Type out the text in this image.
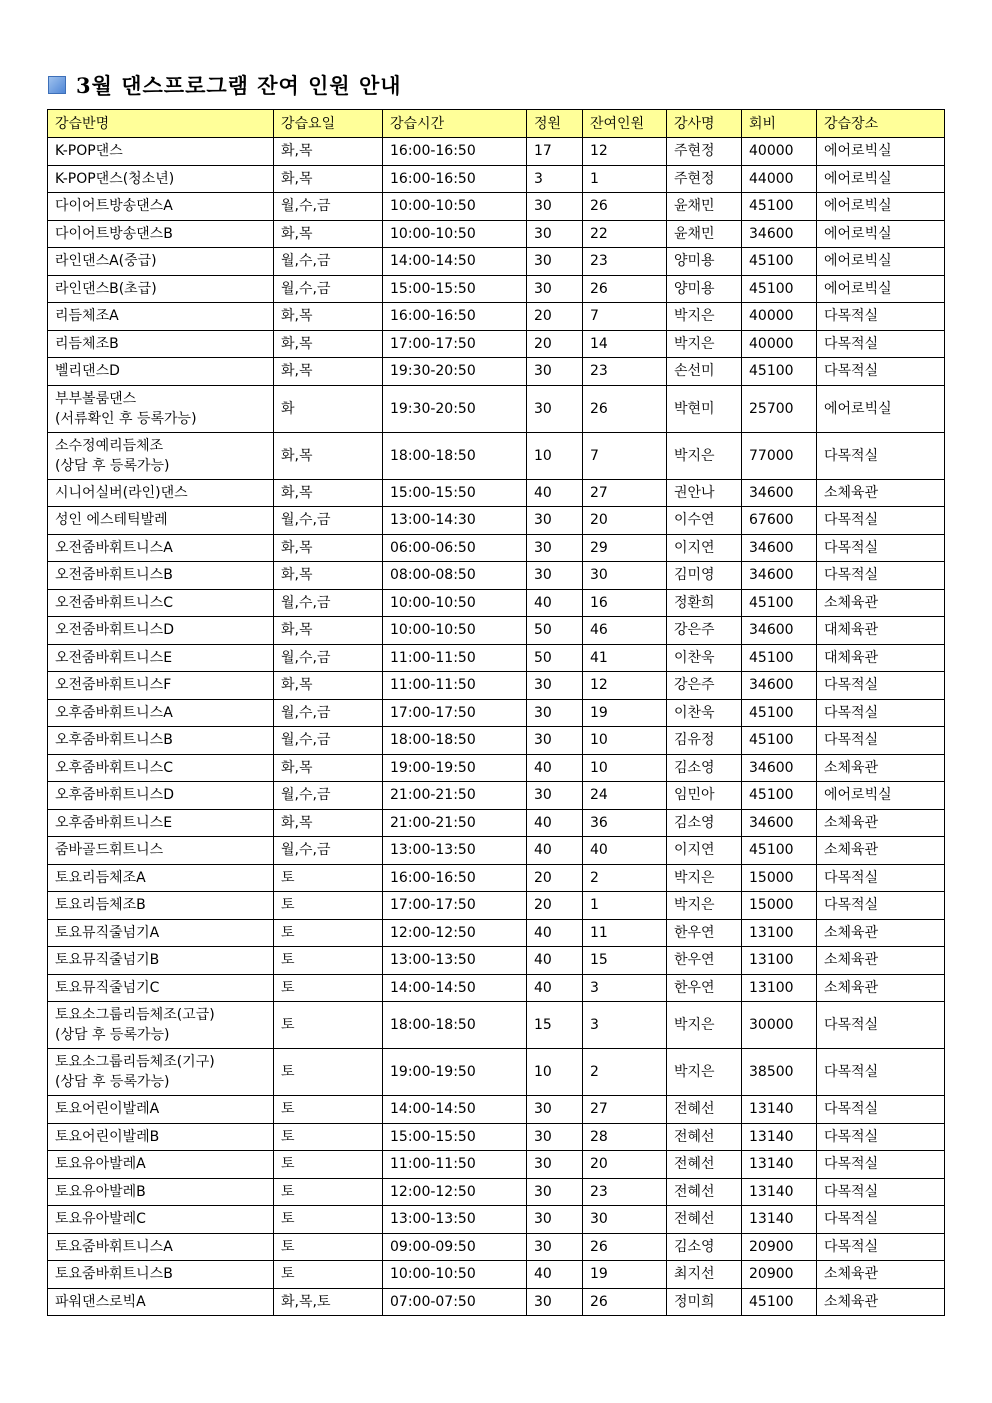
3월 댄스프로그램 잔여 인원 안내
강습반명	강습요일	강습시간	정원	잔여인원	강사명	회비	강습장소

K-POP댄스	화,목	16:00-16:50	17	12	주현정	40000	에어로빅실

K-POP댄스(청소년)	화,목	16:00-16:50	3	1	주현정	44000	에어로빅실

다이어트방송댄스A	월,수,금	10:00-10:50	30	26	윤채민	45100	에어로빅실

다이어트방송댄스B	화,목	10:00-10:50	30	22	윤채민	34600	에어로빅실

라인댄스A(중급)	월,수,금	14:00-14:50	30	23	양미용	45100	에어로빅실

라인댄스B(초급)	월,수,금	15:00-15:50	30	26	양미용	45100	에어로빅실

리듬체조A	화,목	16:00-16:50	20	7	박지은	40000	다목적실

리듬체조B	화,목	17:00-17:50	20	14	박지은	40000	다목적실

벨리댄스D	화,목	19:30-20:50	30	23	손선미	45100	다목적실

부부볼룸댄스
(서류확인 후 등록가능)	화	19:30-20:50	30	26	박현미	25700	에어로빅실

소수정예리듬체조
(상담 후 등록가능)	화,목	18:00-18:50	10	7	박지은	77000	다목적실

시니어실버(라인)댄스	화,목	15:00-15:50	40	27	권안나	34600	소체육관

성인 에스테틱발레	월,수,금	13:00-14:30	30	20	이수연	67600	다목적실

오전줌바휘트니스A	화,목	06:00-06:50	30	29	이지연	34600	다목적실

오전줌바휘트니스B	화,목	08:00-08:50	30	30	김미영	34600	다목적실

오전줌바휘트니스C	월,수,금	10:00-10:50	40	16	정환희	45100	소체육관

오전줌바휘트니스D	화,목	10:00-10:50	50	46	강은주	34600	대체육관

오전줌바휘트니스E	월,수,금	11:00-11:50	50	41	이찬욱	45100	대체육관

오전줌바휘트니스F	화,목	11:00-11:50	30	12	강은주	34600	다목적실

오후줌바휘트니스A	월,수,금	17:00-17:50	30	19	이찬욱	45100	다목적실

오후줌바휘트니스B	월,수,금	18:00-18:50	30	10	김유정	45100	다목적실

오후줌바휘트니스C	화,목	19:00-19:50	40	10	김소영	34600	소체육관

오후줌바휘트니스D	월,수,금	21:00-21:50	30	24	임민아	45100	에어로빅실

오후줌바휘트니스E	화,목	21:00-21:50	40	36	김소영	34600	소체육관

줌바골드휘트니스	월,수,금	13:00-13:50	40	40	이지연	45100	소체육관

토요리듬체조A	토	16:00-16:50	20	2	박지은	15000	다목적실

토요리듬체조B	토	17:00-17:50	20	1	박지은	15000	다목적실

토요뮤직줄넘기A	토	12:00-12:50	40	11	한우연	13100	소체육관

토요뮤직줄넘기B	토	13:00-13:50	40	15	한우연	13100	소체육관

토요뮤직줄넘기C	토	14:00-14:50	40	3	한우연	13100	소체육관

토요소그룹리듬체조(고급)
(상담 후 등록가능)	토	18:00-18:50	15	3	박지은	30000	다목적실

토요소그룹리듬체조(기구)
(상담 후 등록가능)	토	19:00-19:50	10	2	박지은	38500	다목적실

토요어린이발레A	토	14:00-14:50	30	27	전혜선	13140	다목적실

토요어린이발레B	토	15:00-15:50	30	28	전혜선	13140	다목적실

토요유아발레A	토	11:00-11:50	30	20	전혜선	13140	다목적실

토요유아발레B	토	12:00-12:50	30	23	전혜선	13140	다목적실

토요유아발레C	토	13:00-13:50	30	30	전혜선	13140	다목적실

토요줌바휘트니스A	토	09:00-09:50	30	26	김소영	20900	다목적실

토요줌바휘트니스B	토	10:00-10:50	40	19	최지선	20900	소체육관

파워댄스로빅A	화,목,토	07:00-07:50	30	26	정미희	45100	소체육관
